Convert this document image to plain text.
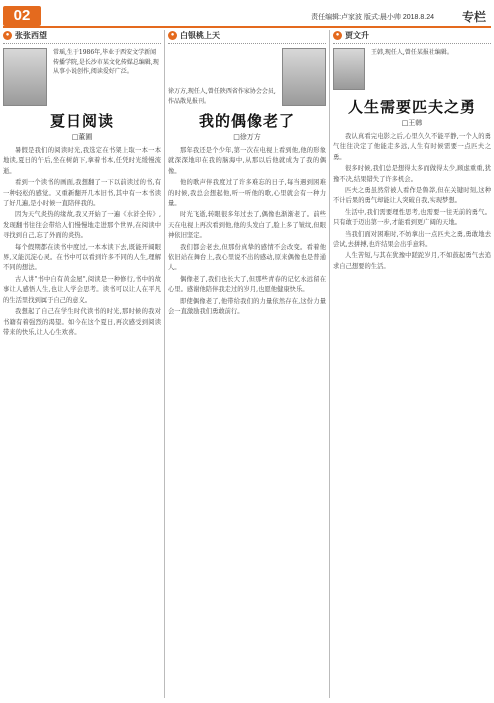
02	责任编辑:卢家波 版式:晨小帅 2018.8.24 专栏
● 张张西望
常瑶,生于1986年,毕业于西安文学新闻传播学院,是长沙市某文化传媒总编辑,现从事小说创作,阅读爱好广泛。
夏日阅读
□董圃

暑假是我们的阅读时光,我选定在书架上取一本一本地读,夏日的午后,坐在树荫下,拿着书本,任凭时光缓慢流逝。

看到一个读书的画面,我想翻了一下以前读过的书,有一种轻松的感觉。又重新翻开几本旧书,其中有一本书读了好几遍,是小时候一直陪伴我的。

因为天气炎热的缘故,我又开始了一遍《水浒全传》,发现翻书往往会带给人们慢慢地走进那个世界,在阅读中寻找到自己,忘了外面的炎热。

每个假期都在读书中度过,一本本读下去,既能开阔眼界,又能沉淀心灵。在书中可以看到许多不同的人生,理解不同的想法。

古人讲"书中自有黄金屋",阅读是一种修行,书中的故事让人感悟人生,也让人学会思考。读书可以让人在平凡的生活里找到属于自己的意义。

我想起了自己在学生时代读书的时光,那时候的我对书籍有着强烈的渴望。如今在这个夏日,再次感受到阅读带来的快乐,让人心生欢喜。

● 白银桃上天
徐万方,现任人,曾任陕西省作家协会会员,作品散见报刊。
我的偶像老了
□徐万方

那年我还是个少年,第一次在电视上看到他,他的形象就深深地印在我的脑海中,从那以后他就成为了我的偶像。

他的歌声伴我度过了许多难忘的日子,每当遇到困难的时候,我总会想起他,听一听他的歌,心里就会有一种力量。

时光飞逝,转眼很多年过去了,偶像也渐渐老了。前些天在电视上再次看到他,他的头发白了,脸上多了皱纹,但眼神依旧坚定。

我们都会老去,但那份真挚的感情不会改变。看着他依旧站在舞台上,我心里说不出的感动,原来偶像也是普通人。

偶像老了,我们也长大了,但那些青春的记忆永远留在心里。感谢他陪伴我走过的岁月,也愿他健康快乐。

即使偶像老了,他带给我们的力量依然存在,这份力量会一直激励我们勇敢前行。

● 贾文升
王韩,现任人,曾任某报社编辑。
人生需要匹夫之勇
□王韩

我认真看完电影之后,心里久久不能平静,一个人的勇气往往决定了他能走多远,人生有时候需要一点匹夫之勇。

很多时候,我们总是想得太多而做得太少,顾虑重重,犹豫不决,结果错失了许多机会。

匹夫之勇虽然常被人看作是鲁莽,但在关键时刻,这种不计后果的勇气却能让人突破自我,实现梦想。

生活中,我们需要理性思考,也需要一往无前的勇气。只有敢于迈出第一步,才能看到更广阔的天地。

当我们面对困难时,不妨拿出一点匹夫之勇,勇敢地去尝试,去拼搏,也许结果会出乎意料。

人生苦短,与其在犹豫中蹉跎岁月,不如鼓起勇气去追求自己想要的生活。
